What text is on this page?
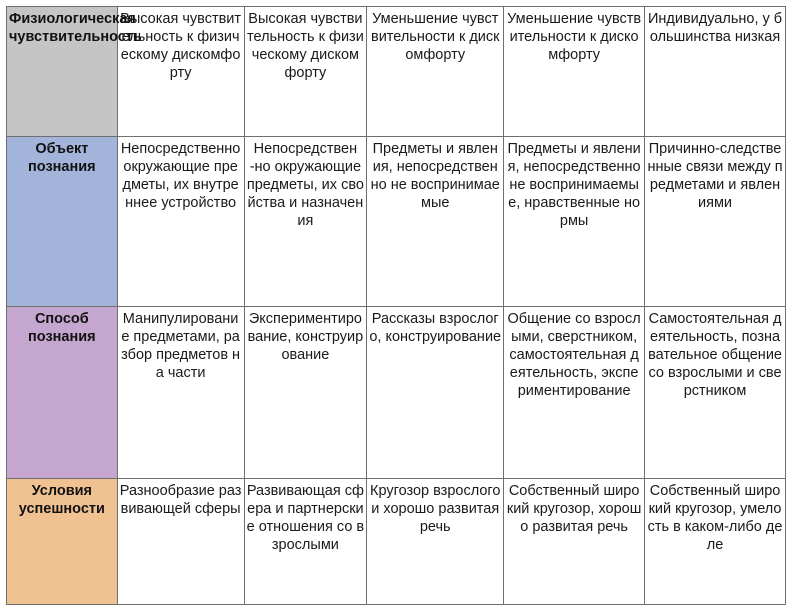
Физиологическая чувствительность	Высокая чувствительность к физическому дискомфорту	Высокая чувствительность к физическому дискомфорту	Уменьшение чувствительности к дискомфорту	Уменьшение чувствительности к дискомфорту	Индивидуально, у большинства низкая
Объект познания	Непосредственно окружающие предметы, их внутреннее устройство	Непосредствен -но окружающие предметы, их свойства и назначения	Предметы и явления, непосредственно не воспринимаемые	Предметы и явления, непосредственно не воспринимаемые, нравственные нормы	Причинно-следственные связи между предметами и явлениями
Способ познания	Манипулирование предметами, разбор предметов на части	Экспериментирование, конструирование	Рассказы взрослого, конструирование	Общение со взрослыми, сверстником, самостоятельная деятельность, экспериментирование	Самостоятельная деятельность, познавательное общение со взрослыми и сверстником
Условия успешности	Разнообразие развивающей сферы	Развивающая сфера и партнерские отношения со взрослыми	Кругозор взрослого и хорошо развитая речь	Собственный широкий кругозор, хорошо развитая речь	Собственный широкий кругозор, умелость в каком-либо деле
